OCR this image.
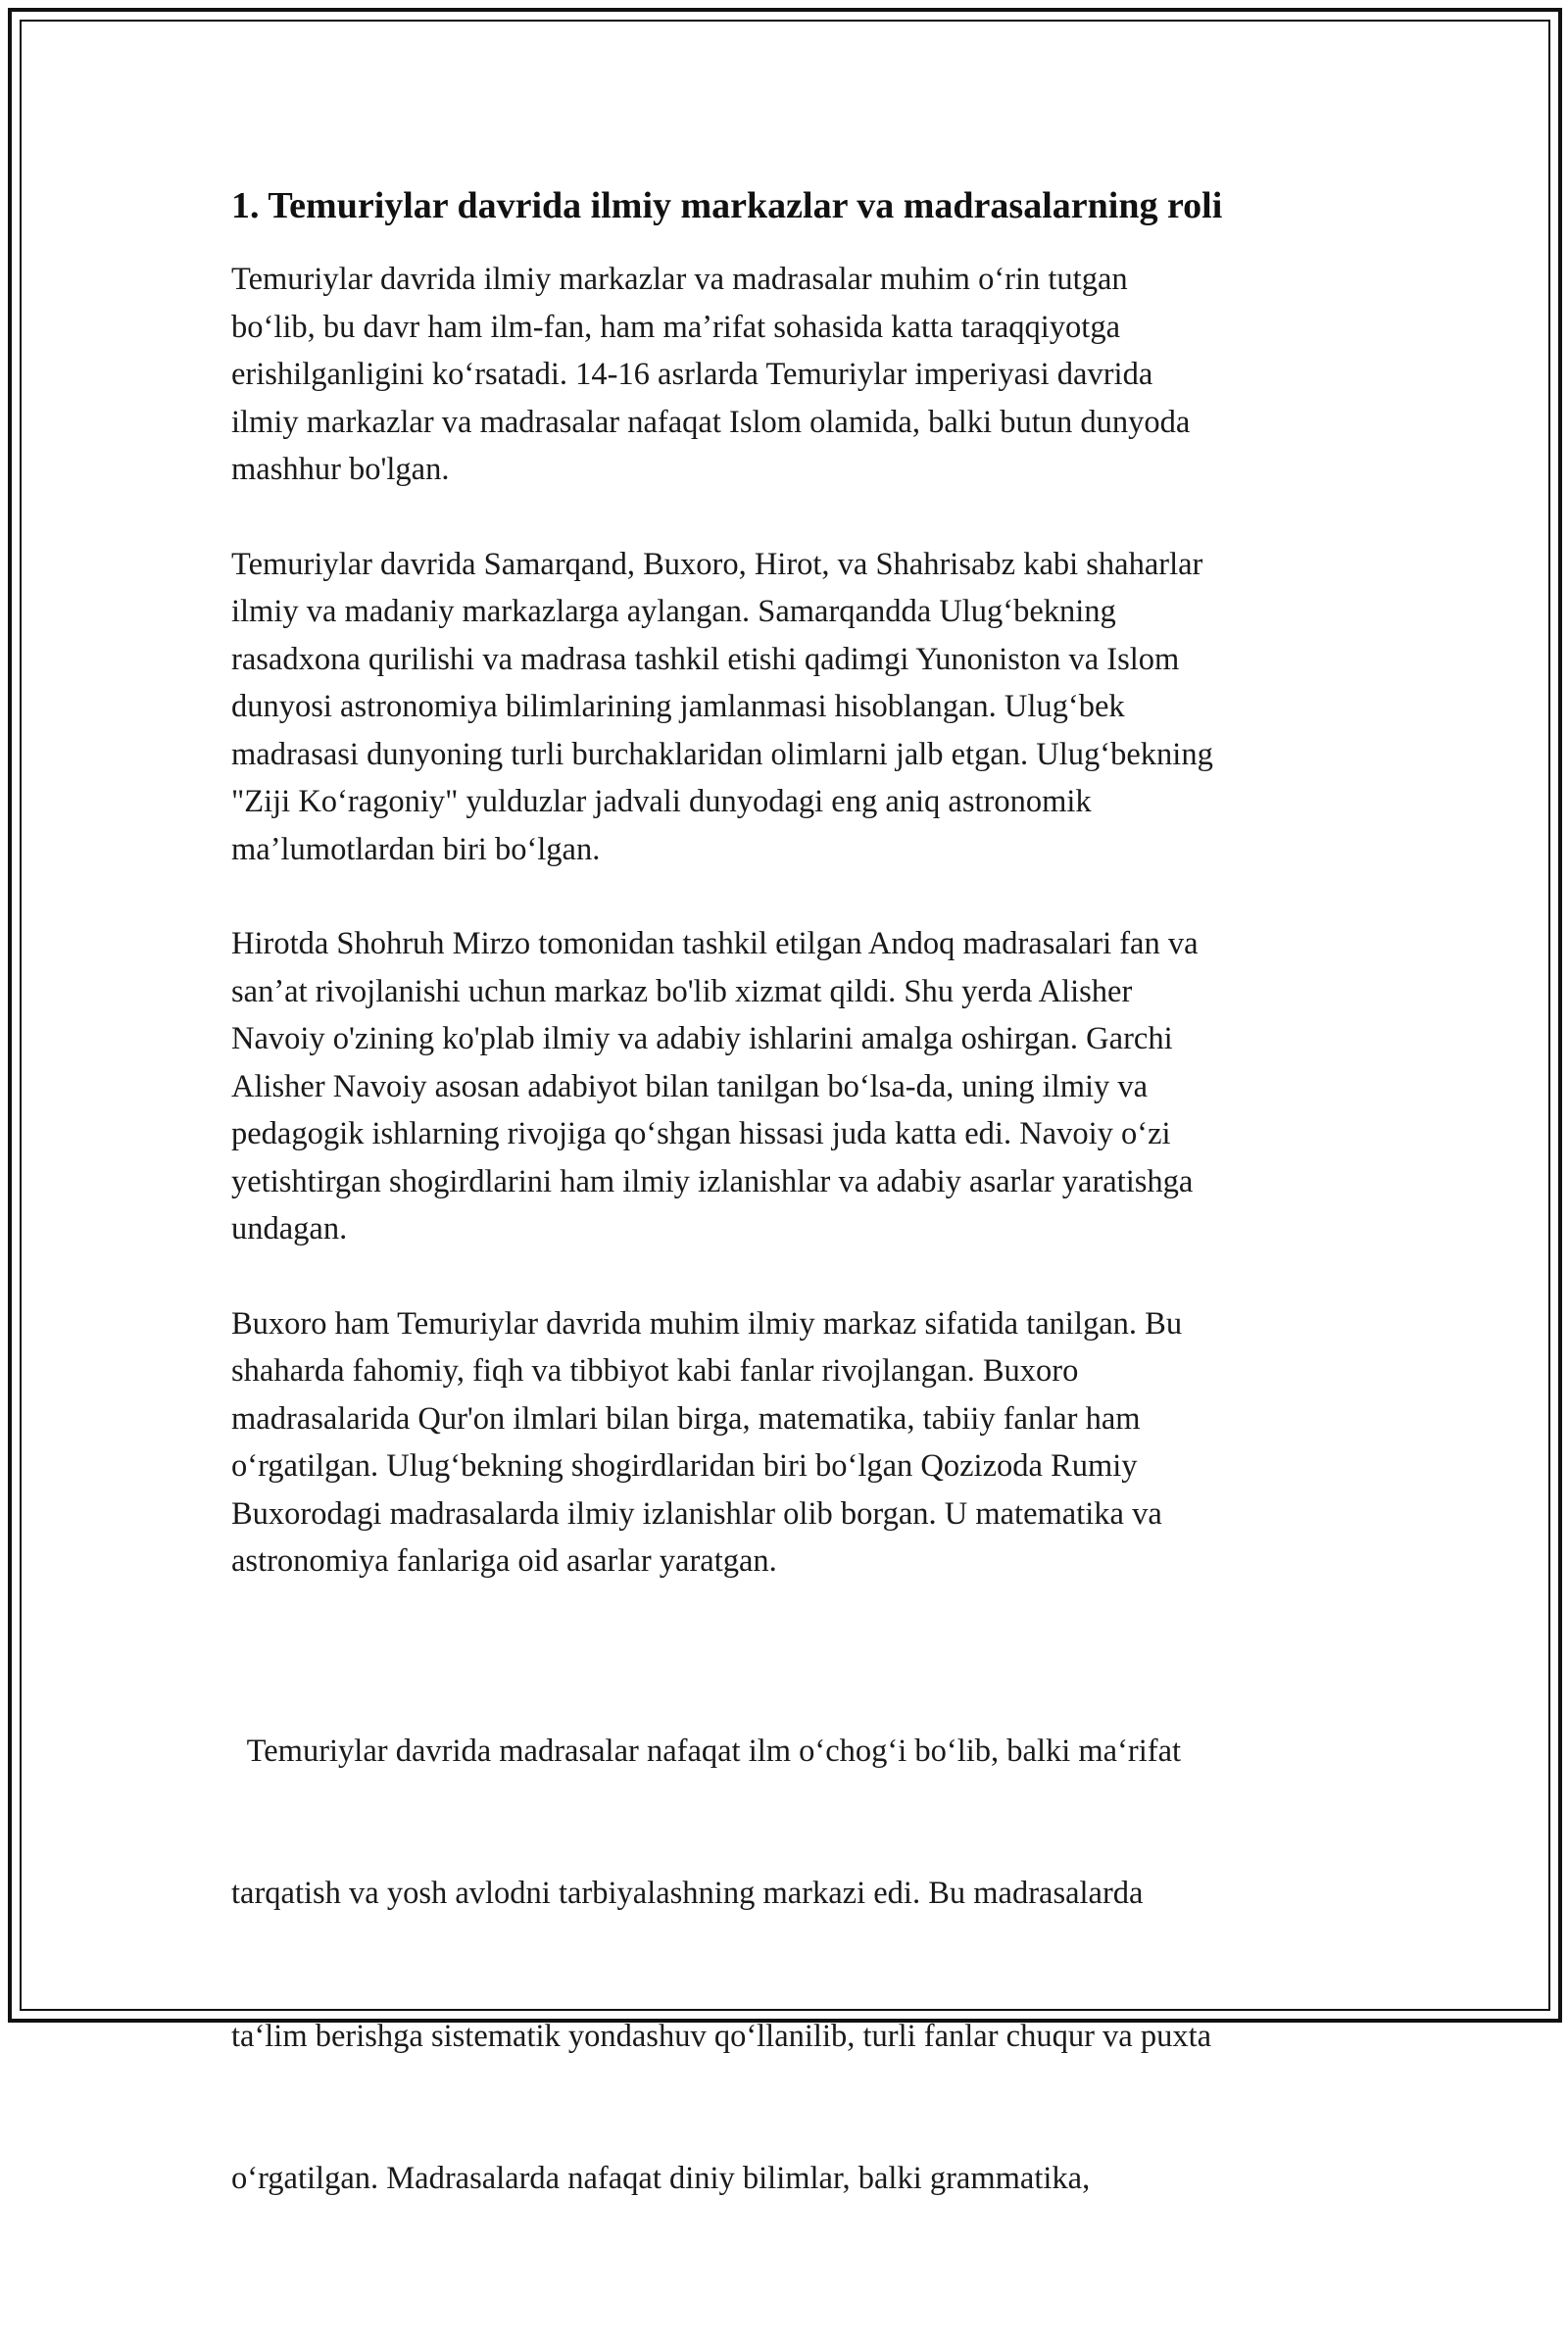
1. Temuriylar davrida ilmiy markazlar va madrasalarning roli

Temuriylar davrida ilmiy markazlar va madrasalar muhim oʻrin tutgan
boʻlib, bu davr ham ilm-fan, ham maʼrifat sohasida katta taraqqiyotga
erishilganligini koʻrsatadi. 14-16 asrlarda Temuriylar imperiyasi davrida
ilmiy markazlar va madrasalar nafaqat Islom olamida, balki butun dunyoda
mashhur bo'lgan.

Temuriylar davrida Samarqand, Buxoro, Hirot, va Shahrisabz kabi shaharlar
ilmiy va madaniy markazlarga aylangan. Samarqandda Ulugʻbekning
rasadxona qurilishi va madrasa tashkil etishi qadimgi Yunoniston va Islom
dunyosi astronomiya bilimlarining jamlanmasi hisoblangan. Ulugʻbek
madrasasi dunyoning turli burchaklaridan olimlarni jalb etgan. Ulugʻbekning
"Ziji Koʻragoniy" yulduzlar jadvali dunyodagi eng aniq astronomik
maʼlumotlardan biri boʻlgan.

Hirotda Shohruh Mirzo tomonidan tashkil etilgan Andoq madrasalari fan va
sanʼat rivojlanishi uchun markaz bo'lib xizmat qildi. Shu yerda Alisher
Navoiy o'zining ko'plab ilmiy va adabiy ishlarini amalga oshirgan. Garchi
Alisher Navoiy asosan adabiyot bilan tanilgan boʻlsa-da, uning ilmiy va
pedagogik ishlarning rivojiga qoʻshgan hissasi juda katta edi. Navoiy oʻzi
yetishtirgan shogirdlarini ham ilmiy izlanishlar va adabiy asarlar yaratishga
undagan.

Buxoro ham Temuriylar davrida muhim ilmiy markaz sifatida tanilgan. Bu
shaharda fahomiy, fiqh va tibbiyot kabi fanlar rivojlangan. Buxoro
madrasalarida Qur'on ilmlari bilan birga, matematika, tabiiy fanlar ham
oʻrgatilgan. Ulugʻbekning shogirdlaridan biri boʻlgan Qozizoda Rumiy
Buxorodagi madrasalarda ilmiy izlanishlar olib borgan. U matematika va
astronomiya fanlariga oid asarlar yaratgan.

Temuriylar davrida madrasalar nafaqat ilm oʻchogʻi boʻlib, balki maʻrifat

tarqatish va yosh avlodni tarbiyalashning markazi edi. Bu madrasalarda

taʻlim berishga sistematik yondashuv qoʻllanilib, turli fanlar chuqur va puxta

oʻrgatilgan. Madrasalarda nafaqat diniy bilimlar, balki grammatika,
